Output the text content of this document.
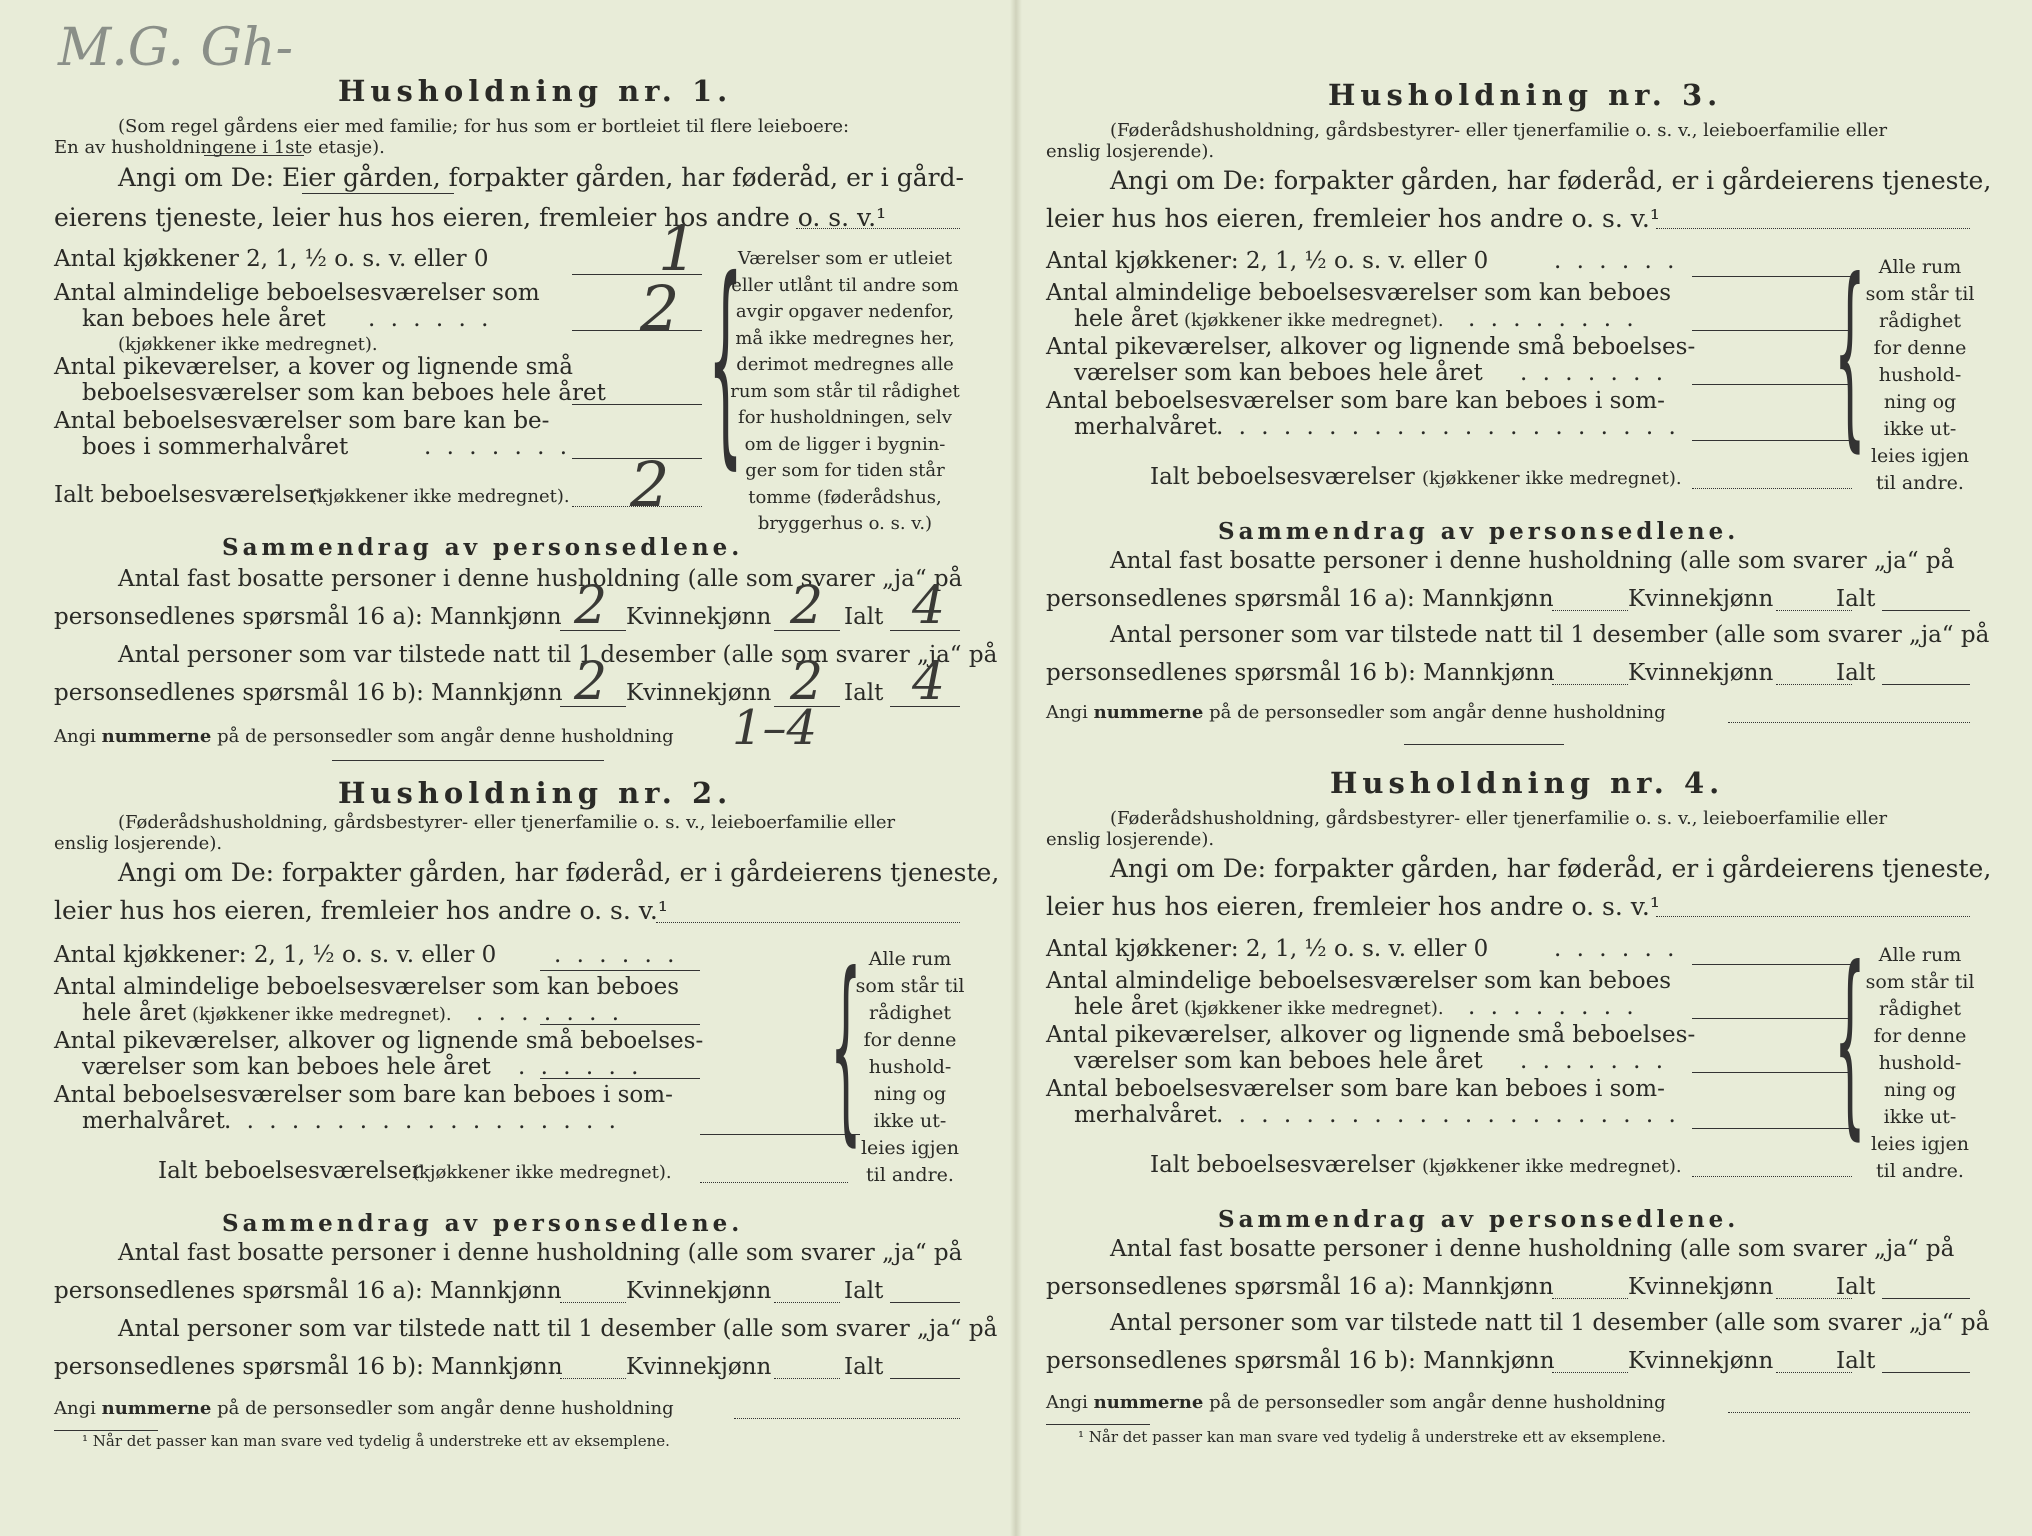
M.G. Gh-
Husholdning nr. 1.
(Som regel gårdens eier med familie; for hus som er bortleiet til flere leieboere:
En av husholdningene i 1ste etasje).
Angi om De: Eier gården, forpakter gården, har føderåd, er i gård-
eierens tjeneste, leier hus hos eieren, fremleier hos andre o. s. v.¹
Antal kjøkkener 2, 1, ½ o. s. v. eller 0	1
Antal almindelige beboelsesværelser som
kan beboes hele året . . . . . . 2
(kjøkkener ikke medregnet).
Antal pikeværelser, a kover og lignende små
beboelsesværelser som kan beboes hele året
Antal beboelsesværelser som bare kan be-
boes i sommerhalvåret	. . . . . . .
Ialt beboelsesværelser
(kjøkkener ikke medregnet). 2 {
Værelser som er utleiet
eller utlånt til andre som
avgir opgaver nedenfor,
må ikke medregnes her,
derimot medregnes alle
rum som står til rådighet
for husholdningen, selv
om de ligger i bygnin-
ger som for tiden står
tomme (føderådshus,
bryggerhus o. s. v.)
Sammendrag av personsedlene.
Antal fast bosatte personer i denne husholdning (alle som svarer „ja“ på
personsedlenes spørsmål 16 a): Mannkjønn 2 Kvinnekjønn 2 Ialt 4
Antal personer som var tilstede natt til 1 desember (alle som svarer „ja“ på
personsedlenes spørsmål 16 b): Mannkjønn 2 Kvinnekjønn 2 Ialt 4
Angi nummerne på de personsedler som angår denne husholdning 1–4
Husholdning nr. 2.
(Føderådshusholdning, gårdsbestyrer- eller tjenerfamilie o. s. v., leieboerfamilie eller
enslig losjerende).
Angi om De: forpakter gården, har føderåd, er i gårdeierens tjeneste,
leier hus hos eieren, fremleier hos andre o. s. v.¹
Antal kjøkkener: 2, 1, ½ o. s. v. eller 0	. . . . . .
Antal almindelige beboelsesværelser som kan beboes
hele året (kjøkkener ikke medregnet). . . . . . . .
Antal pikeværelser, alkover og lignende små beboelses-
værelser som kan beboes hele året . . . . . .
Antal beboelsesværelser som bare kan beboes i som-
merhalvåret . . . . . . . . . . . . . . . . . .
Ialt beboelsesværelser
(kjøkkener ikke medregnet).
{ Alle rum
som står til
rådighet
for denne
hushold-
ning og
ikke ut-
leies igjen
til andre.
Sammendrag av personsedlene.
Antal fast bosatte personer i denne husholdning (alle som svarer „ja“ på
personsedlenes spørsmål 16 a): Mannkjønn	Kvinnekjønn	Ialt
Antal personer som var tilstede natt til 1 desember (alle som svarer „ja“ på
personsedlenes spørsmål 16 b): Mannkjønn	Kvinnekjønn	Ialt
Angi nummerne på de personsedler som angår denne husholdning
¹ Når det passer kan man svare ved tydelig å understreke ett av eksemplene.
Husholdning nr. 3.
(Føderådshusholdning, gårdsbestyrer- eller tjenerfamilie o. s. v., leieboerfamilie eller
enslig losjerende).
Angi om De: forpakter gården, har føderåd, er i gårdeierens tjeneste,
leier hus hos eieren, fremleier hos andre o. s. v.¹
Antal kjøkkener: 2, 1, ½ o. s. v. eller 0	. . . . . .
Antal almindelige beboelsesværelser som kan beboes
hele året (kjøkkener ikke medregnet). . . . . . . . .
Antal pikeværelser, alkover og lignende små beboelses-
værelser som kan beboes hele året . . . . . . .
Antal beboelsesværelser som bare kan beboes i som-
merhalvåret . . . . . . . . . . . . . . . . . . . . .
Ialt beboelsesværelser (kjøkkener ikke medregnet).
{ Alle rum
som står til
rådighet
for denne
hushold-
ning og
ikke ut-
leies igjen
til andre.
Sammendrag av personsedlene.
Antal fast bosatte personer i denne husholdning (alle som svarer „ja“ på
personsedlenes spørsmål 16 a): Mannkjønn	Kvinnekjønn	Ialt
Antal personer som var tilstede natt til 1 desember (alle som svarer „ja“ på
personsedlenes spørsmål 16 b): Mannkjønn	Kvinnekjønn	Ialt
Angi nummerne på de personsedler som angår denne husholdning
Husholdning nr. 4.
(Føderådshusholdning, gårdsbestyrer- eller tjenerfamilie o. s. v., leieboerfamilie eller
enslig losjerende).
Angi om De: forpakter gården, har føderåd, er i gårdeierens tjeneste,
leier hus hos eieren, fremleier hos andre o. s. v.¹
Antal kjøkkener: 2, 1, ½ o. s. v. eller 0	. . . . . .
Antal almindelige beboelsesværelser som kan beboes
hele året (kjøkkener ikke medregnet). . . . . . . . .
Antal pikeværelser, alkover og lignende små beboelses-
værelser som kan beboes hele året . . . . . . .
Antal beboelsesværelser som bare kan beboes i som-
merhalvåret . . . . . . . . . . . . . . . . . . . . .
Ialt beboelsesværelser (kjøkkener ikke medregnet).
{ Alle rum
som står til
rådighet
for denne
hushold-
ning og
ikke ut-
leies igjen
til andre.
Sammendrag av personsedlene.
Antal fast bosatte personer i denne husholdning (alle som svarer „ja“ på
personsedlenes spørsmål 16 a): Mannkjønn	Kvinnekjønn	Ialt
Antal personer som var tilstede natt til 1 desember (alle som svarer „ja“ på
personsedlenes spørsmål 16 b): Mannkjønn	Kvinnekjønn	Ialt
Angi nummerne på de personsedler som angår denne husholdning
¹ Når det passer kan man svare ved tydelig å understreke ett av eksemplene.
